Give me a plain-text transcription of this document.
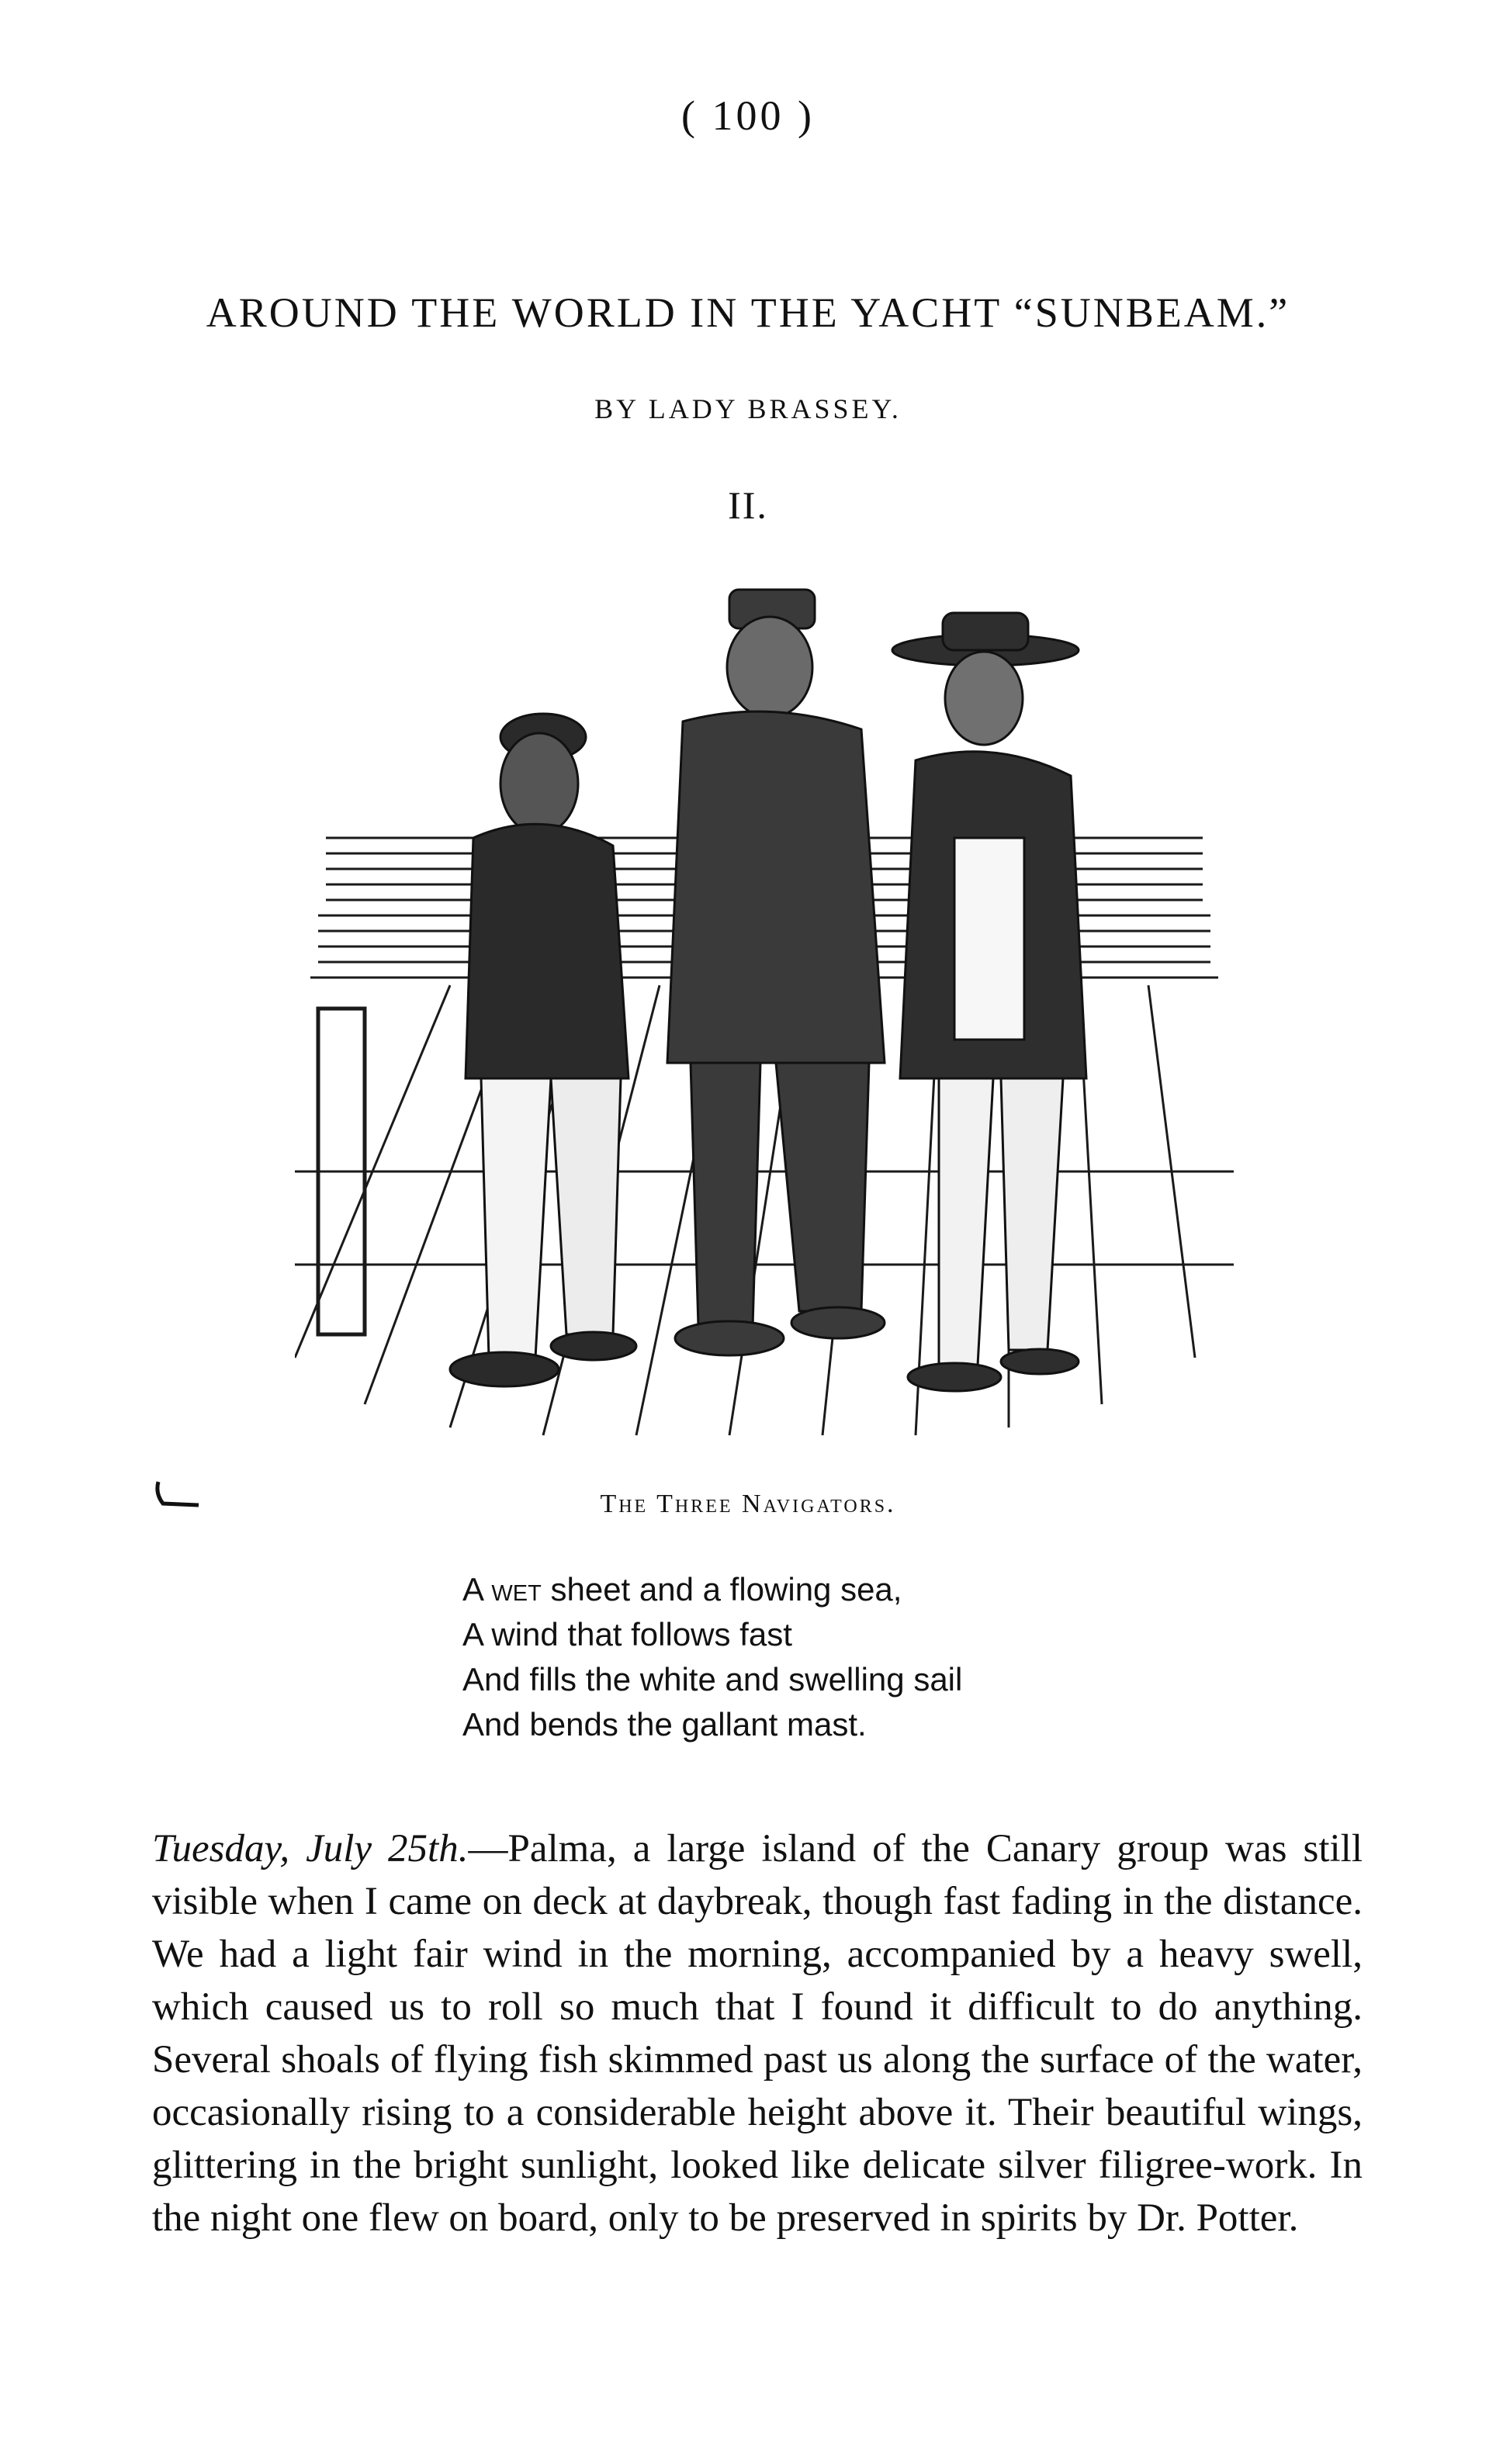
( 100 )
AROUND THE WORLD IN THE YACHT “SUNBEAM.”
BY LADY BRASSEY.
II.
The Three Navigators.
A wet sheet and a flowing sea,
A wind that follows fast
And fills the white and swelling sail
And bends the gallant mast.

Tuesday, July 25th.—Palma, a large island of the Canary group was still visible when I came on deck at daybreak, though fast fading in the distance. We had a light fair wind in the morning, accompanied by a heavy swell, which caused us to roll so much that I found it difficult to do anything. Several shoals of flying fish skimmed past us along the surface of the water, occasionally rising to a considerable height above it. Their beautiful wings, glittering in the bright sunlight, looked like delicate silver filigree-work. In the night one flew on board, only to be preserved in spirits by Dr. Potter.
